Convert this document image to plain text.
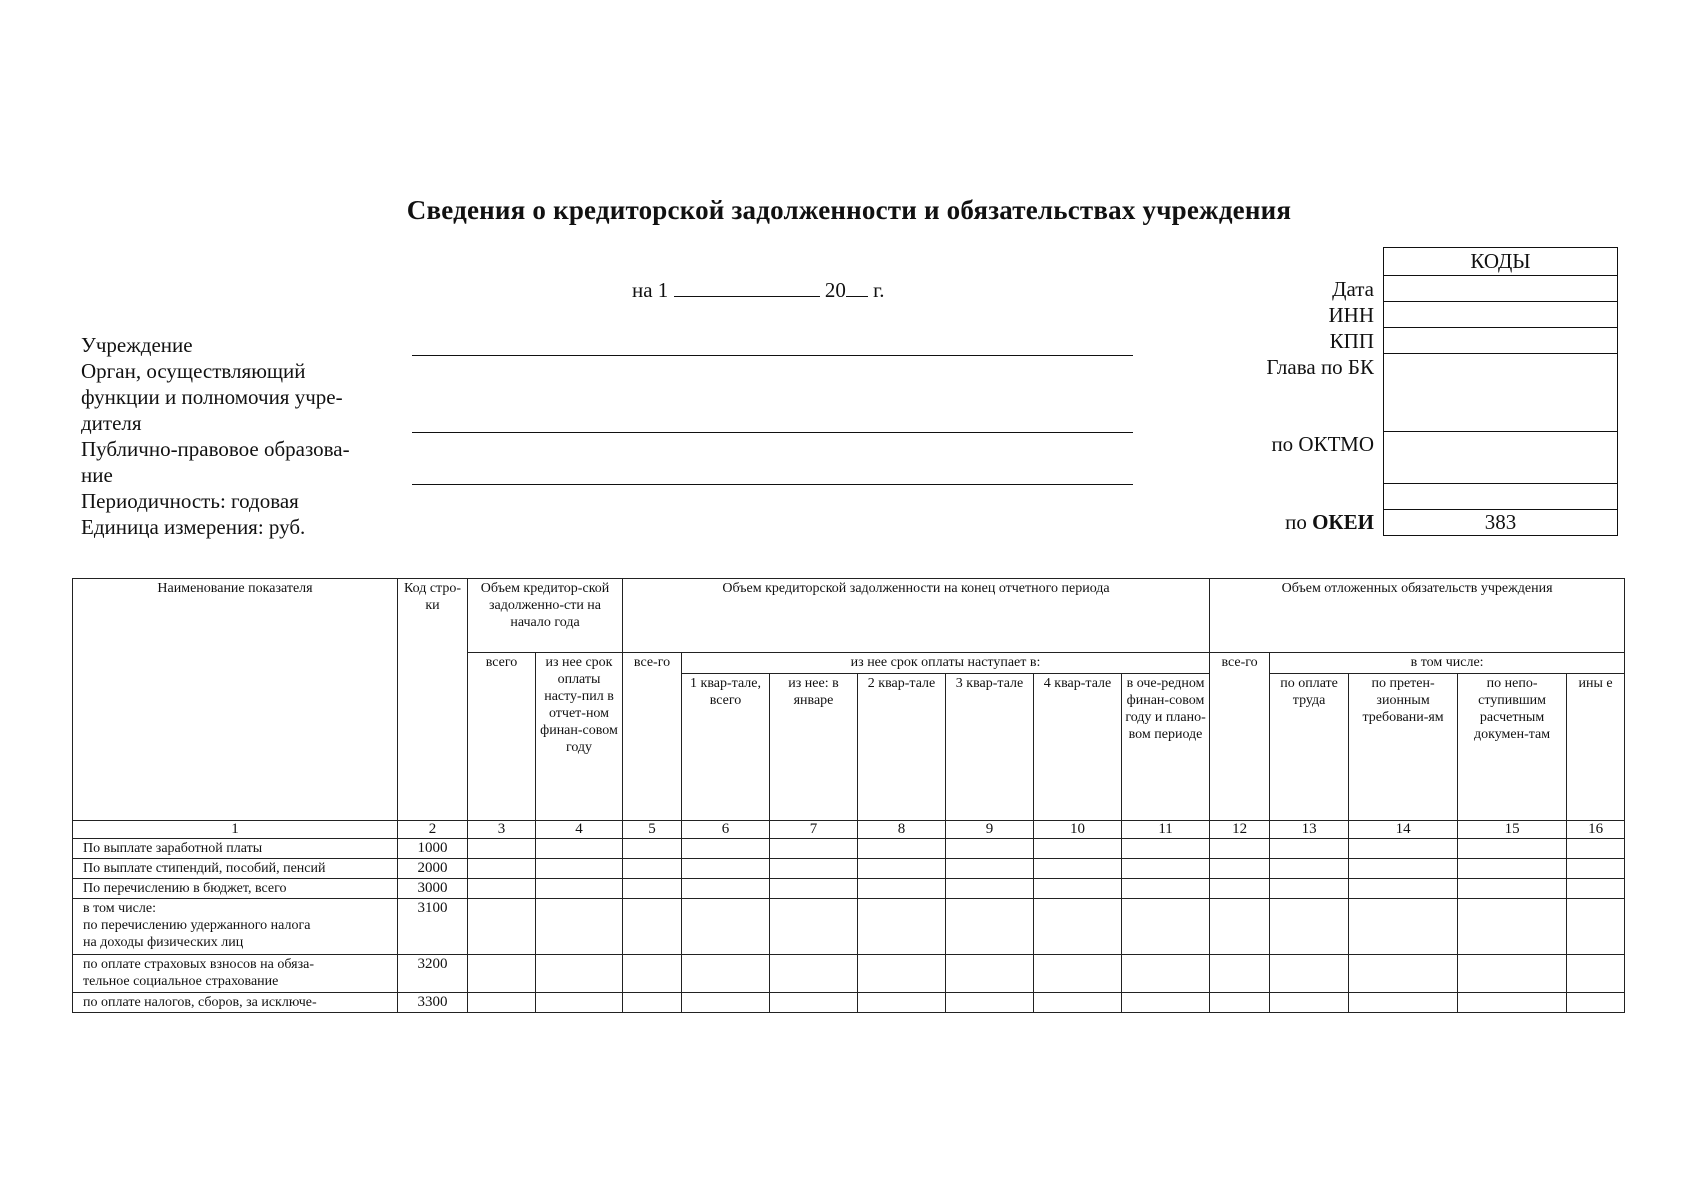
Сведения о кредиторской задолженности и обязательствах учреждения
на 1	20 г.
Учреждение
Орган, осуществляющий
функции и полномочия учре-
дителя
Публично-правовое образова-
ние
Периодичность: годовая
Единица измерения: руб.
Дата
ИНН
КПП
Глава по БК
по ОКТМО
по ОКЕИ
КОДЫ
383
Наименование показателя	Код стро-ки	Объем кредитор-ской задолженно-сти на начало года		Объем кредиторской задолженности на конец отчетного периода							Объем отложенных обязательств учреждения				
		всего	из нее срок оплаты насту-пил в отчет-ном финан-совом году	все-го	из нее срок оплаты наступает в:						все-го	в том числе:			
					1 квар-тале, всего	из нее: в январе	2 квар-тале	3 квар-тале	4 квар-тале	в оче-редном финан-совом году и плано-вом периоде		по оплате труда	по претен-зионным требовани-ям	по непо-ступившим расчетным докумен-там	ины е
1	2	3	4	5	6	7	8	9	10	11	12	13	14	15	16
По выплате заработной платы	1000														
По выплате стипендий, пособий, пенсий	2000														
По перечислению в бюджет, всего	3000														

в том числе:
по перечислению удержанного налога
на доходы физических лиц	3100														

по оплате страховых взносов на обяза-
тельное социальное страхование	3200														
по оплате налогов, сборов, за исключе-	3300														
